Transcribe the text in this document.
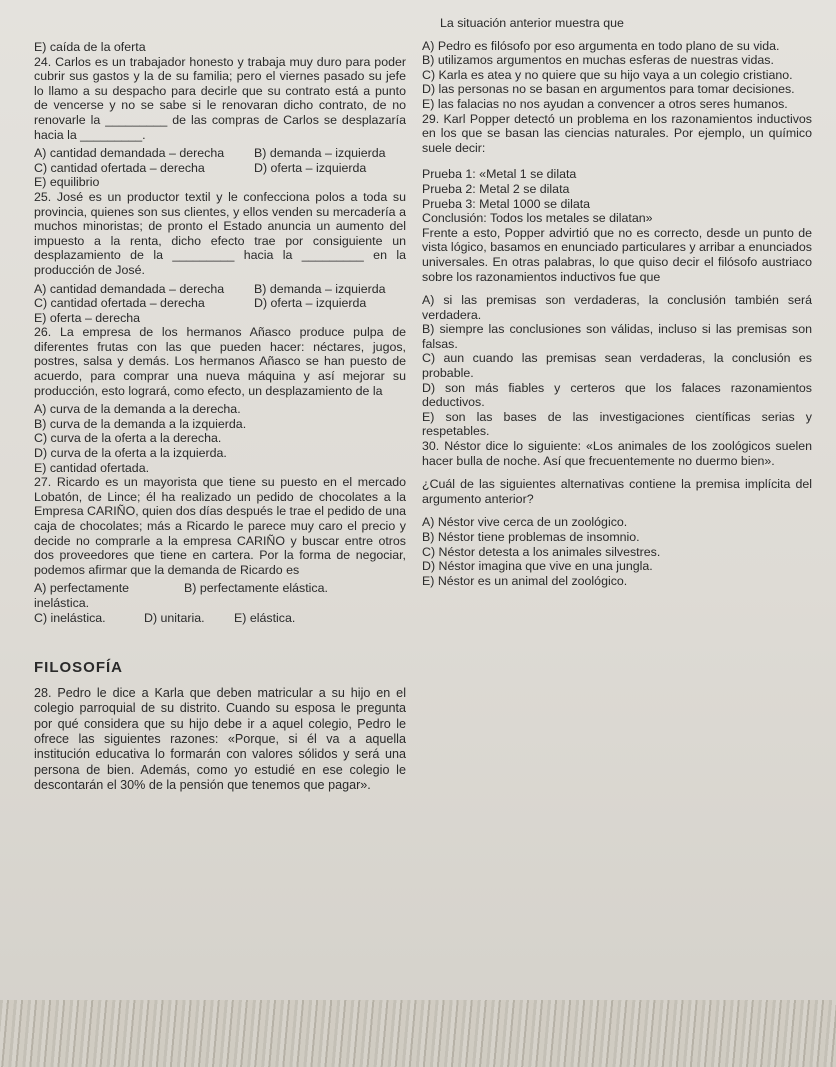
E) caída de la oferta

24. Carlos es un trabajador honesto y trabaja muy duro para poder cubrir sus gastos y la de su familia; pero el viernes pasado su jefe lo llamo a su despacho para decirle que su contrato está a punto de vencerse y no se sabe si le renovaran dicho contrato, de no renovarle la _________ de las compras de Carlos se desplazaría hacia la _________.

A) cantidad demandada – derecha	B) demanda – izquierda
C) cantidad ofertada – derecha	D) oferta – izquierda

E) equilibrio

25. José es un productor textil y le confecciona polos a toda su provincia, quienes son sus clientes, y ellos venden su mercadería a muchos minoristas; de pronto el Estado anuncia un aumento del impuesto a la renta, dicho efecto trae por consiguiente un desplazamiento de la _________ hacia la _________ en la producción de José.

A) cantidad demandada – derecha	B) demanda – izquierda
C) cantidad ofertada – derecha	D) oferta – izquierda

E) oferta – derecha

26. La empresa de los hermanos Añasco produce pulpa de diferentes frutas con las que pueden hacer: néctares, jugos, postres, salsa y demás. Los hermanos Añasco se han puesto de acuerdo, para comprar una nueva máquina y así mejorar su producción, esto logrará, como efecto, un desplazamiento de la

A) curva de la demanda a la derecha.

B) curva de la demanda a la izquierda.

C) curva de la oferta a la derecha.

D) curva de la oferta a la izquierda.

E) cantidad ofertada.

27. Ricardo es un mayorista que tiene su puesto en el mercado Lobatón, de Lince; él ha realizado un pedido de chocolates a la Empresa CARIÑO, quien dos días después le trae el pedido de una caja de chocolates; más a Ricardo le parece muy caro el precio y decide no comprarle a la empresa CARIÑO y buscar entre otros dos proveedores que tiene en cartera. Por la forma de negociar, podemos afirmar que la demanda de Ricardo es

A) perfectamente inelástica.
B) perfectamente elástica.
C) inelástica.	D) unitaria.	E) elástica.
FILOSOFÍA

28. Pedro le dice a Karla que deben matricular a su hijo en el colegio parroquial de su distrito. Cuando su esposa le pregunta por qué considera que su hijo debe ir a aquel colegio, Pedro le ofrece las siguientes razones: «Porque, si él va a aquella institución educativa lo formarán con valores sólidos y será una persona de bien. Además, como yo estudié en ese colegio le descontarán el 30% de la pensión que tenemos que pagar».

La situación anterior muestra que

A) Pedro es filósofo por eso argumenta en todo plano de su vida.

B) utilizamos argumentos en muchas esferas de nuestras vidas.

C) Karla es atea y no quiere que su hijo vaya a un colegio cristiano.

D) las personas no se basan en argumentos para tomar decisiones.

E) las falacias no nos ayudan a convencer a otros seres humanos.

29. Karl Popper detectó un problema en los razonamientos inductivos en los que se basan las ciencias naturales. Por ejemplo, un químico suele decir:

Prueba 1: «Metal 1 se dilata

Prueba 2: Metal 2 se dilata

Prueba 3: Metal 1000 se dilata

Conclusión: Todos los metales se dilatan»

Frente a esto, Popper advirtió que no es correcto, desde un punto de vista lógico, basamos en enunciado particulares y arribar a enunciados universales. En otras palabras, lo que quiso decir el filósofo austriaco sobre los razonamientos inductivos fue que

A) si las premisas son verdaderas, la conclusión también será verdadera.

B) siempre las conclusiones son válidas, incluso si las premisas son falsas.

C) aun cuando las premisas sean verdaderas, la conclusión es probable.

D) son más fiables y certeros que los falaces razonamientos deductivos.

E) son las bases de las investigaciones científicas serias y respetables.

30. Néstor dice lo siguiente: «Los animales de los zoológicos suelen hacer bulla de noche. Así que frecuentemente no duermo bien».

¿Cuál de las siguientes alternativas contiene la premisa implícita del argumento anterior?

A) Néstor vive cerca de un zoológico.

B) Néstor tiene problemas de insomnio.

C) Néstor detesta a los animales silvestres.

D) Néstor imagina que vive en una jungla.

E) Néstor es un animal del zoológico.
